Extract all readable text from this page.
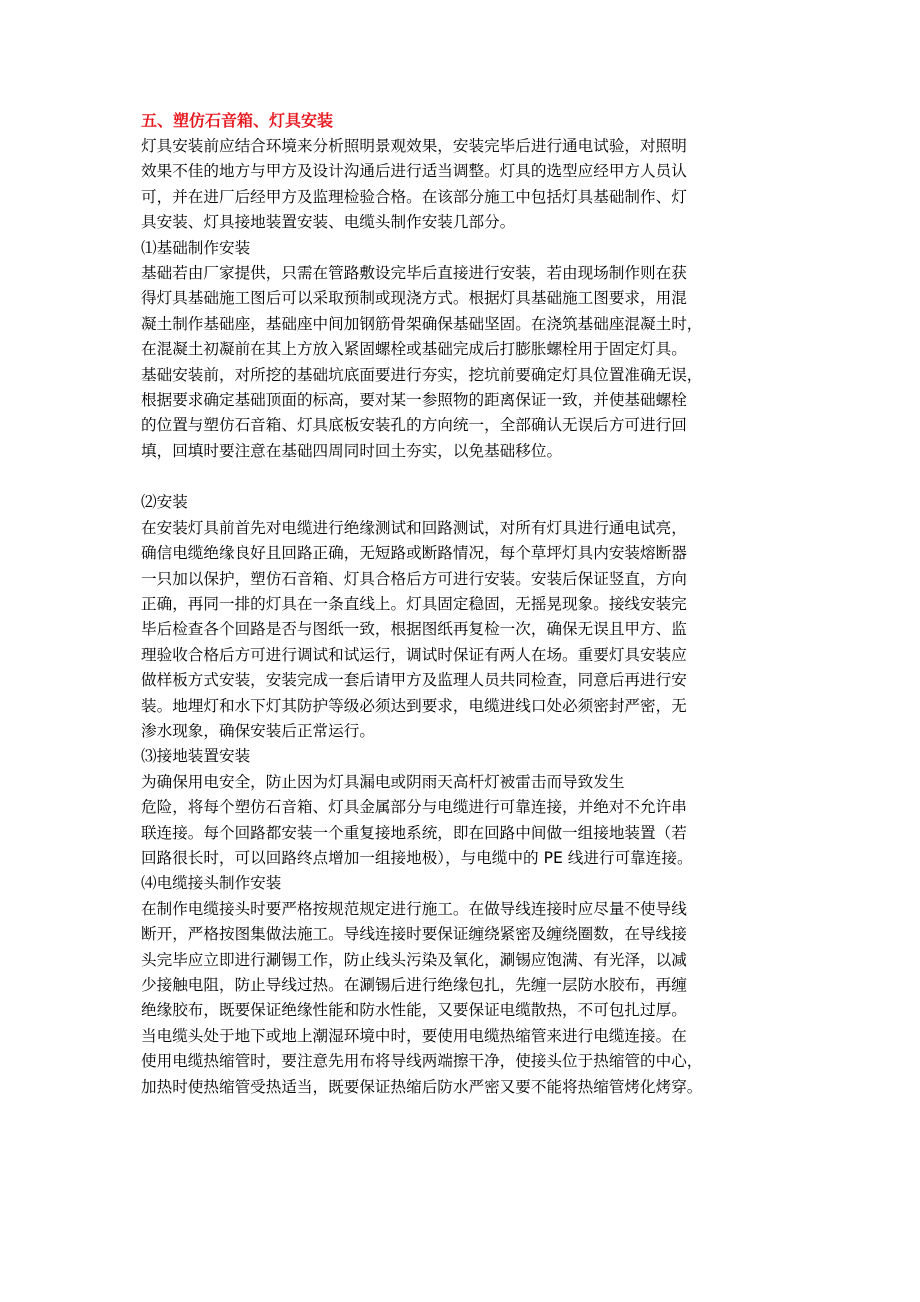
五、塑仿石音箱、灯具安装

灯具安装前应结合环境来分析照明景观效果，安装完毕后进行通电试验，对照明
效果不佳的地方与甲方及设计沟通后进行适当调整。灯具的选型应经甲方人员认
可，并在进厂后经甲方及监理检验合格。在该部分施工中包括灯具基础制作、灯
具安装、灯具接地装置安装、电缆头制作安装几部分。

⑴基础制作安装

基础若由厂家提供，只需在管路敷设完毕后直接进行安装，若由现场制作则在获
得灯具基础施工图后可以采取预制或现浇方式。根据灯具基础施工图要求，用混
凝土制作基础座，基础座中间加钢筋骨架确保基础坚固。在浇筑基础座混凝土时，
在混凝土初凝前在其上方放入紧固螺栓或基础完成后打膨胀螺栓用于固定灯具。
基础安装前，对所挖的基础坑底面要进行夯实，挖坑前要确定灯具位置准确无误，
根据要求确定基础顶面的标高，要对某一参照物的距离保证一致，并使基础螺栓
的位置与塑仿石音箱、灯具底板安装孔的方向统一，全部确认无误后方可进行回
填，回填时要注意在基础四周同时回土夯实，以免基础移位。

⑵安装

在安装灯具前首先对电缆进行绝缘测试和回路测试，对所有灯具进行通电试亮，
确信电缆绝缘良好且回路正确，无短路或断路情况，每个草坪灯具内安装熔断器
一只加以保护，塑仿石音箱、灯具合格后方可进行安装。安装后保证竖直，方向
正确，再同一排的灯具在一条直线上。灯具固定稳固，无摇晃现象。接线安装完
毕后检查各个回路是否与图纸一致，根据图纸再复检一次，确保无误且甲方、监
理验收合格后方可进行调试和试运行，调试时保证有两人在场。重要灯具安装应
做样板方式安装，安装完成一套后请甲方及监理人员共同检查，同意后再进行安
装。地埋灯和水下灯其防护等级必须达到要求，电缆进线口处必须密封严密，无
渗水现象，确保安装后正常运行。

⑶接地装置安装

为确保用电安全，防止因为灯具漏电或阴雨天高杆灯被雷击而导致发生
危险，将每个塑仿石音箱、灯具金属部分与电缆进行可靠连接，并绝对不允许串
联连接。每个回路都安装一个重复接地系统，即在回路中间做一组接地装置（若
回路很长时，可以回路终点增加一组接地极），与电缆中的 PE 线进行可靠连接。

⑷电缆接头制作安装

在制作电缆接头时要严格按规范规定进行施工。在做导线连接时应尽量不使导线
断开，严格按图集做法施工。导线连接时要保证缠绕紧密及缠绕圈数，在导线接
头完毕应立即进行涮锡工作，防止线头污染及氧化，涮锡应饱满、有光泽，以减
少接触电阻，防止导线过热。在涮锡后进行绝缘包扎，先缠一层防水胶布，再缠
绝缘胶布，既要保证绝缘性能和防水性能，又要保证电缆散热，不可包扎过厚。
当电缆头处于地下或地上潮湿环境中时，要使用电缆热缩管来进行电缆连接。在
使用电缆热缩管时，要注意先用布将导线两端擦干净，使接头位于热缩管的中心，
加热时使热缩管受热适当，既要保证热缩后防水严密又要不能将热缩管烤化烤穿。
